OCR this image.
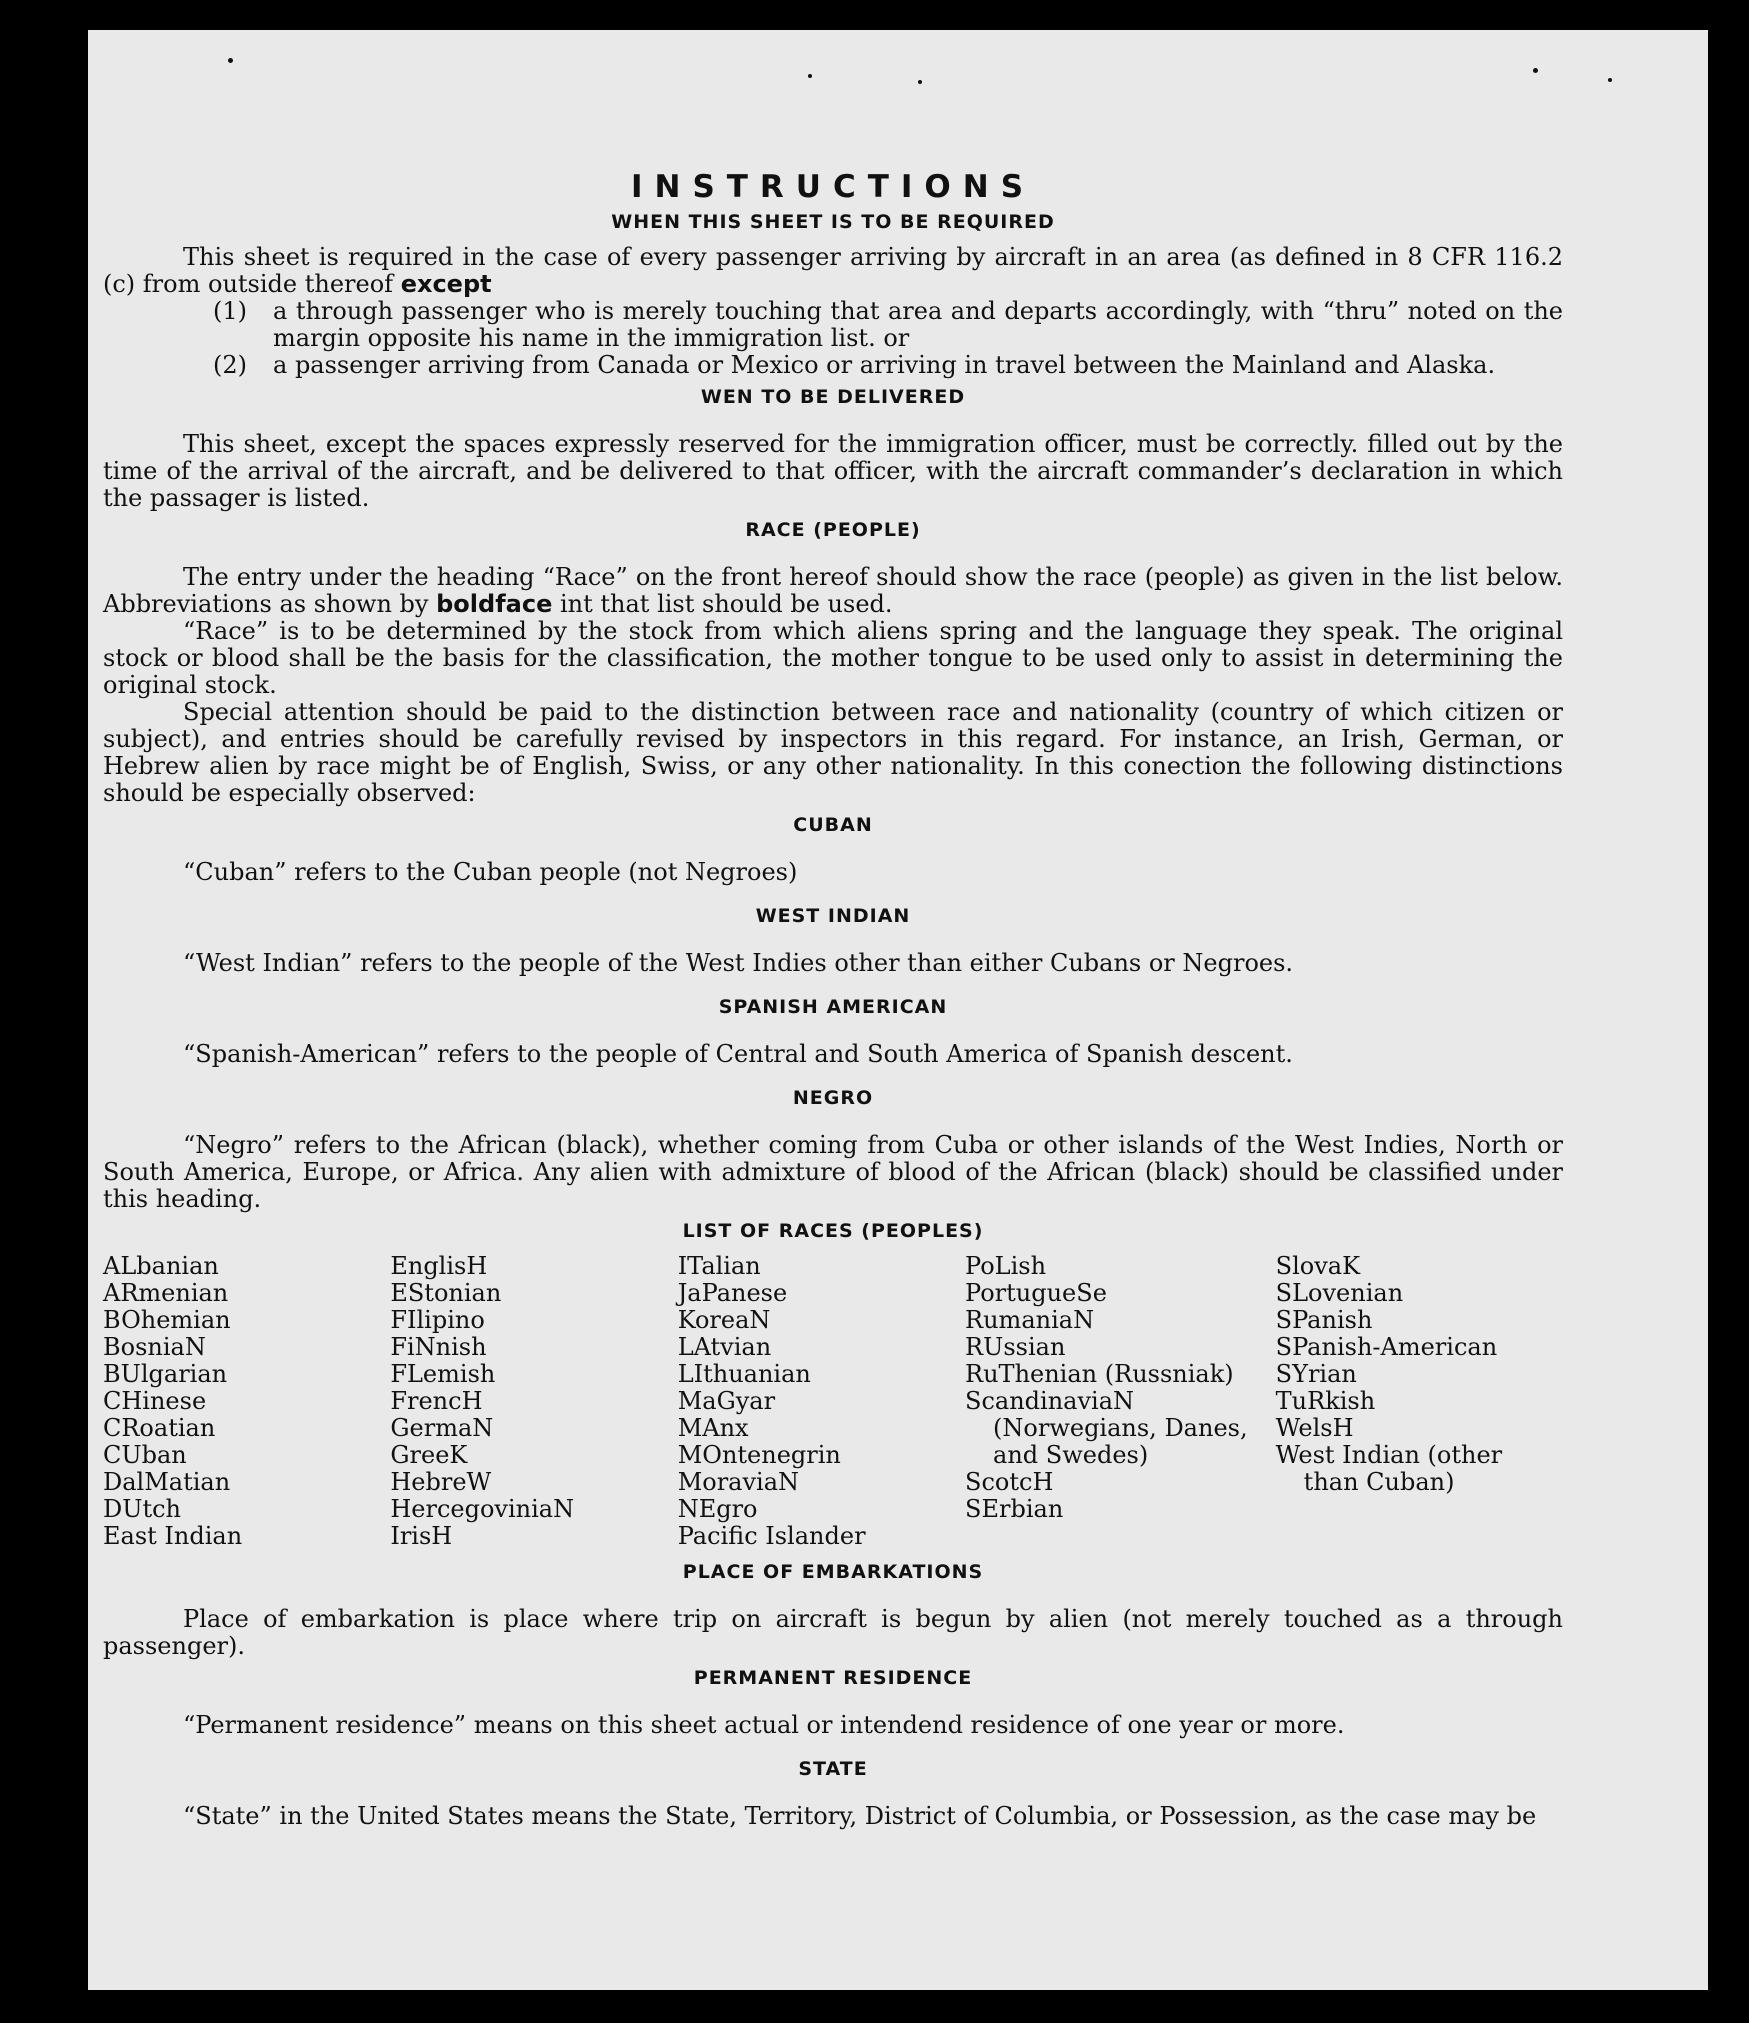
INSTRUCTIONS
WHEN THIS SHEET IS TO BE REQUIRED

This sheet is required in the case of every passenger arriving by aircraft in an area (as defined in 8 CFR 116.2 (c) from outside thereof except

(1)	a through passenger who is merely touching that area and departs accordingly, with “thru” noted on the margin opposite his name in the immigration list. or
(2)	a passenger arriving from Canada or Mexico or arriving in travel between the Mainland and Alaska.
WEN TO BE DELIVERED

This sheet, except the spaces expressly reserved for the immigration officer, must be correctly. filled out by the time of the arrival of the aircraft, and be delivered to that officer, with the aircraft commander’s declaration in which the passager is listed.

RACE (PEOPLE)

The entry under the heading “Race” on the front hereof should show the race (people) as given in the list below. Abbreviations as shown by boldface int that list should be used.

“Race” is to be determined by the stock from which aliens spring and the language they speak. The original stock or blood shall be the basis for the classification, the mother tongue to be used only to assist in determining the original stock.

Special attention should be paid to the distinction between race and nationality (country of which citizen or subject), and entries should be carefully revised by inspectors in this regard. For instance, an Irish, German, or Hebrew alien by race might be of English, Swiss, or any other nationality. In this conection the following distinctions should be especially observed:

CUBAN

“Cuban” refers to the Cuban people (not Negroes)

WEST INDIAN

“West Indian” refers to the people of the West Indies other than either Cubans or Negroes.

SPANISH AMERICAN

“Spanish-American” refers to the people of Central and South America of Spanish descent.

NEGRO

“Negro” refers to the African (black), whether coming from Cuba or other islands of the West Indies, North or South America, Europe, or Africa. Any alien with admixture of blood of the African (black) should be classified under this heading.

LIST OF RACES (PEOPLES)
ALbanian
ARmenian
BOhemian
BosniaN
BUlgarian
CHinese
CRoatian
CUban
DalMatian
DUtch
East Indian
EnglisH
EStonian
FIlipino
FiNnish
FLemish
FrencH
GermaN
GreeK
HebreW
HercegoviniaN
IrisH
ITalian
JaPanese
KoreaN
LAtvian
LIthuanian
MaGyar
MAnx
MOntenegrin
MoraviaN
NEgro
Pacific Islander
PoLish
PortugueSe
RumaniaN
RUssian
RuThenian (Russniak)
ScandinaviaN (Norwegians, Danes, and Swedes)
ScotcH
SErbian
SlovaK
SLovenian
SPanish
SPanish-American
SYrian
TuRkish
WelsH
West Indian (other than Cuban)
PLACE OF EMBARKATIONS

Place of embarkation is place where trip on aircraft is begun by alien (not merely touched as a through passenger).

PERMANENT RESIDENCE

“Permanent residence” means on this sheet actual or intendend residence of one year or more.

STATE

“State” in the United States means the State, Territory, District of Columbia, or Possession, as the case may be
